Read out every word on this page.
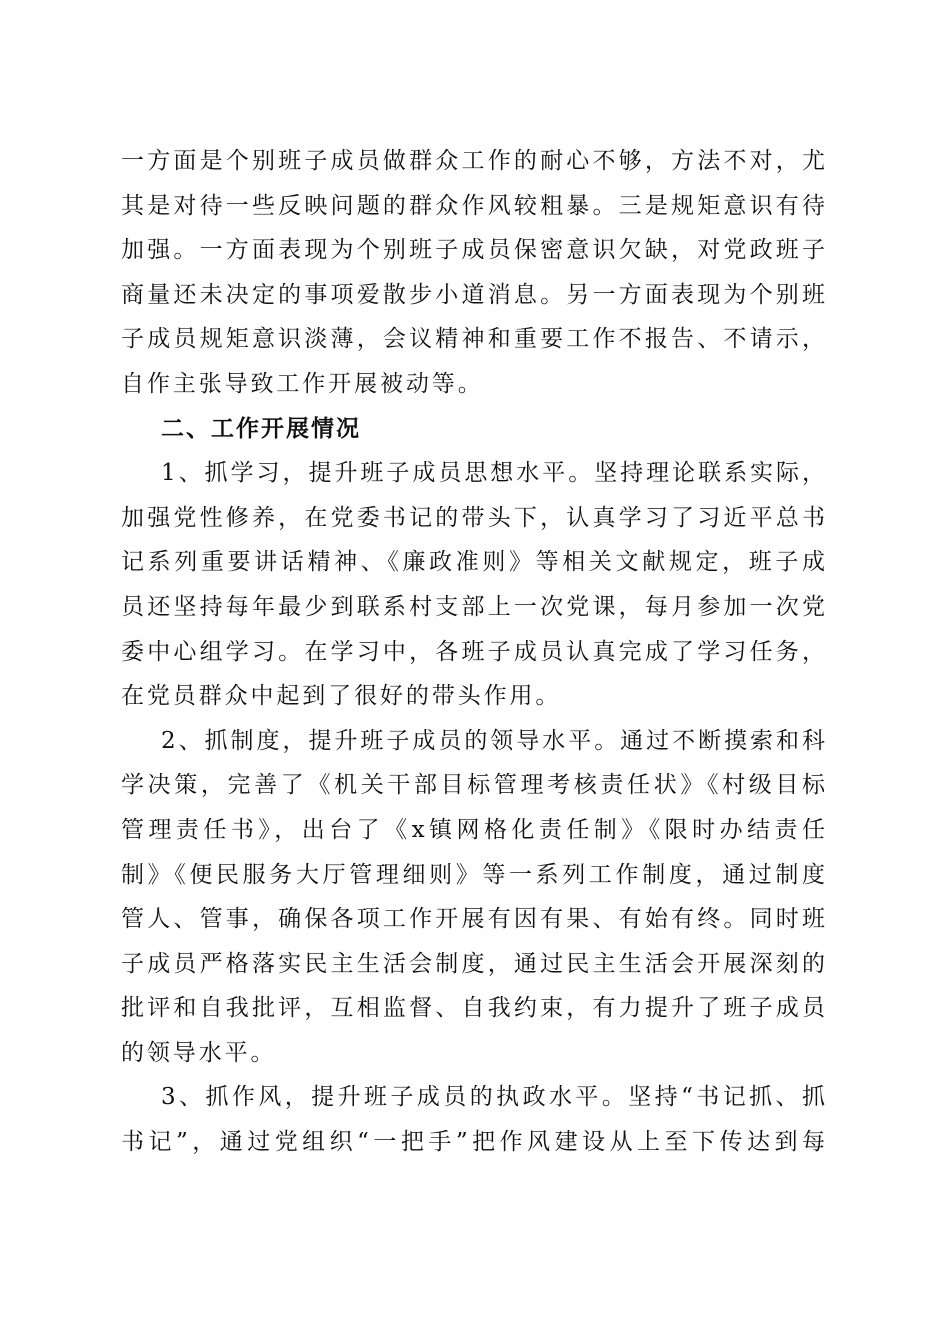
一方面是个别班子成员做群众工作的耐心不够，方法不对，尤
其是对待一些反映问题的群众作风较粗暴。三是规矩意识有待
加强。一方面表现为个别班子成员保密意识欠缺，对党政班子
商量还未决定的事项爱散步小道消息。另一方面表现为个别班
子成员规矩意识淡薄，会议精神和重要工作不报告、不请示，
自作主张导致工作开展被动等。
二、工作开展情况
1、抓学习，提升班子成员思想水平。坚持理论联系实际，
加强党性修养，在党委书记的带头下，认真学习了习近平总书
记系列重要讲话精神、《廉政准则》等相关文献规定，班子成
员还坚持每年最少到联系村支部上一次党课，每月参加一次党
委中心组学习。在学习中，各班子成员认真完成了学习任务，
在党员群众中起到了很好的带头作用。
2、抓制度，提升班子成员的领导水平。通过不断摸索和科
学决策，完善了《机关干部目标管理考核责任状》《村级目标
管理责任书》，出台了《x镇网格化责任制》《限时办结责任
制》《便民服务大厅管理细则》等一系列工作制度，通过制度
管人、管事，确保各项工作开展有因有果、有始有终。同时班
子成员严格落实民主生活会制度，通过民主生活会开展深刻的
批评和自我批评，互相监督、自我约束，有力提升了班子成员
的领导水平。
3、抓作风，提升班子成员的执政水平。坚持“书记抓、抓
书记”，通过党组织“一把手”把作风建设从上至下传达到每
